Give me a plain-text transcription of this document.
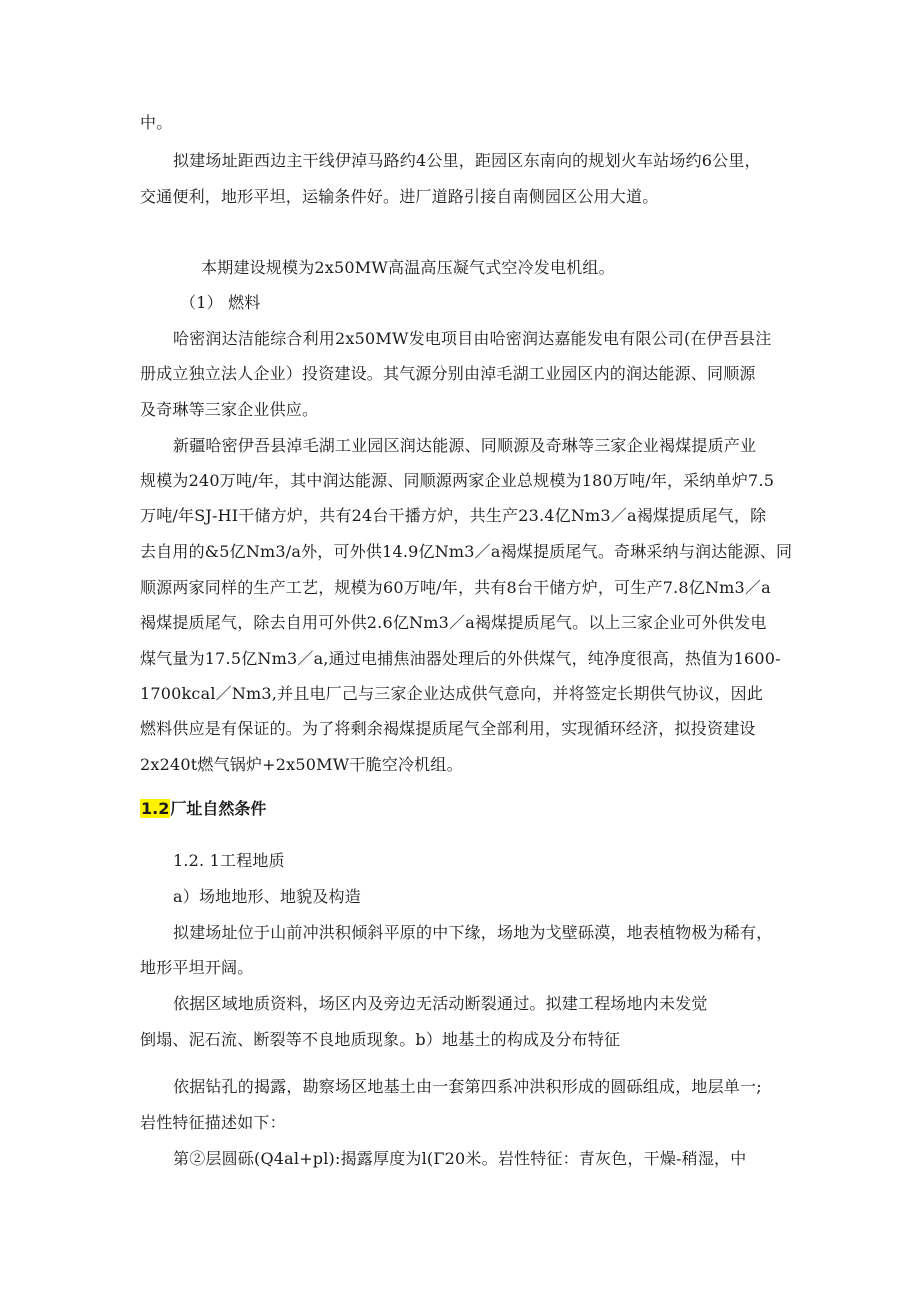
中。
拟建场址距西边主干线伊淖马路约4公里，距园区东南向的规划火车站场约6公里，
交通便利，地形平坦，运输条件好。进厂道路引接自南侧园区公用大道。
本期建设规模为2x50MW高温高压凝气式空冷发电机组。
（1） 燃料
哈密润达洁能综合利用2x50MW发电项目由哈密润达嘉能发电有限公司(在伊吾县注
册成立独立法人企业）投资建设。其气源分别由淖毛湖工业园区内的润达能源、同顺源
及奇琳等三家企业供应。
新疆哈密伊吾县淖毛湖工业园区润达能源、同顺源及奇琳等三家企业褐煤提质产业
规模为240万吨/年，其中润达能源、同顺源两家企业总规模为180万吨/年，采纳单炉7.5
万吨/年SJ-HI干储方炉，共有24台干播方炉，共生产23.4亿Nm3／a褐煤提质尾气，除
去自用的&5亿Nm3/a外，可外供14.9亿Nm3／a褐煤提质尾气。奇琳采纳与润达能源、同
顺源两家同样的生产工艺，规模为60万吨/年，共有8台干储方炉，可生产7.8亿Nm3／a
褐煤提质尾气，除去自用可外供2.6亿Nm3／a褐煤提质尾气。以上三家企业可外供发电
煤气量为17.5亿Nm3／a,通过电捕焦油器处理后的外供煤气，纯净度很高，热值为1600-
1700kcal／Nm3,并且电厂己与三家企业达成供气意向，并将签定长期供气协议，因此
燃料供应是有保证的。为了将剩余褐煤提质尾气全部利用，实现循环经济，拟投资建设
2x240t燃气锅炉+2x50MW干脆空冷机组。
1.2厂址自然条件
1.2. 1工程地质
a）场地地形、地貌及构造
拟建场址位于山前冲洪积倾斜平原的中下缘，场地为戈壁砾漠，地表植物极为稀有，
地形平坦开阔。
依据区域地质资料，场区内及旁边无活动断裂通过。拟建工程场地内未发觉
倒塌、泥石流、断裂等不良地质现象。b）地基土的构成及分布特征
依据钻孔的揭露，勘察场区地基土由一套第四系冲洪积形成的圆砾组成，地层单一;
岩性特征描述如下：
第②层圆砾(Q4al+pl):揭露厚度为l(Γ20米。岩性特征：青灰色，干燥-稍湿，中
